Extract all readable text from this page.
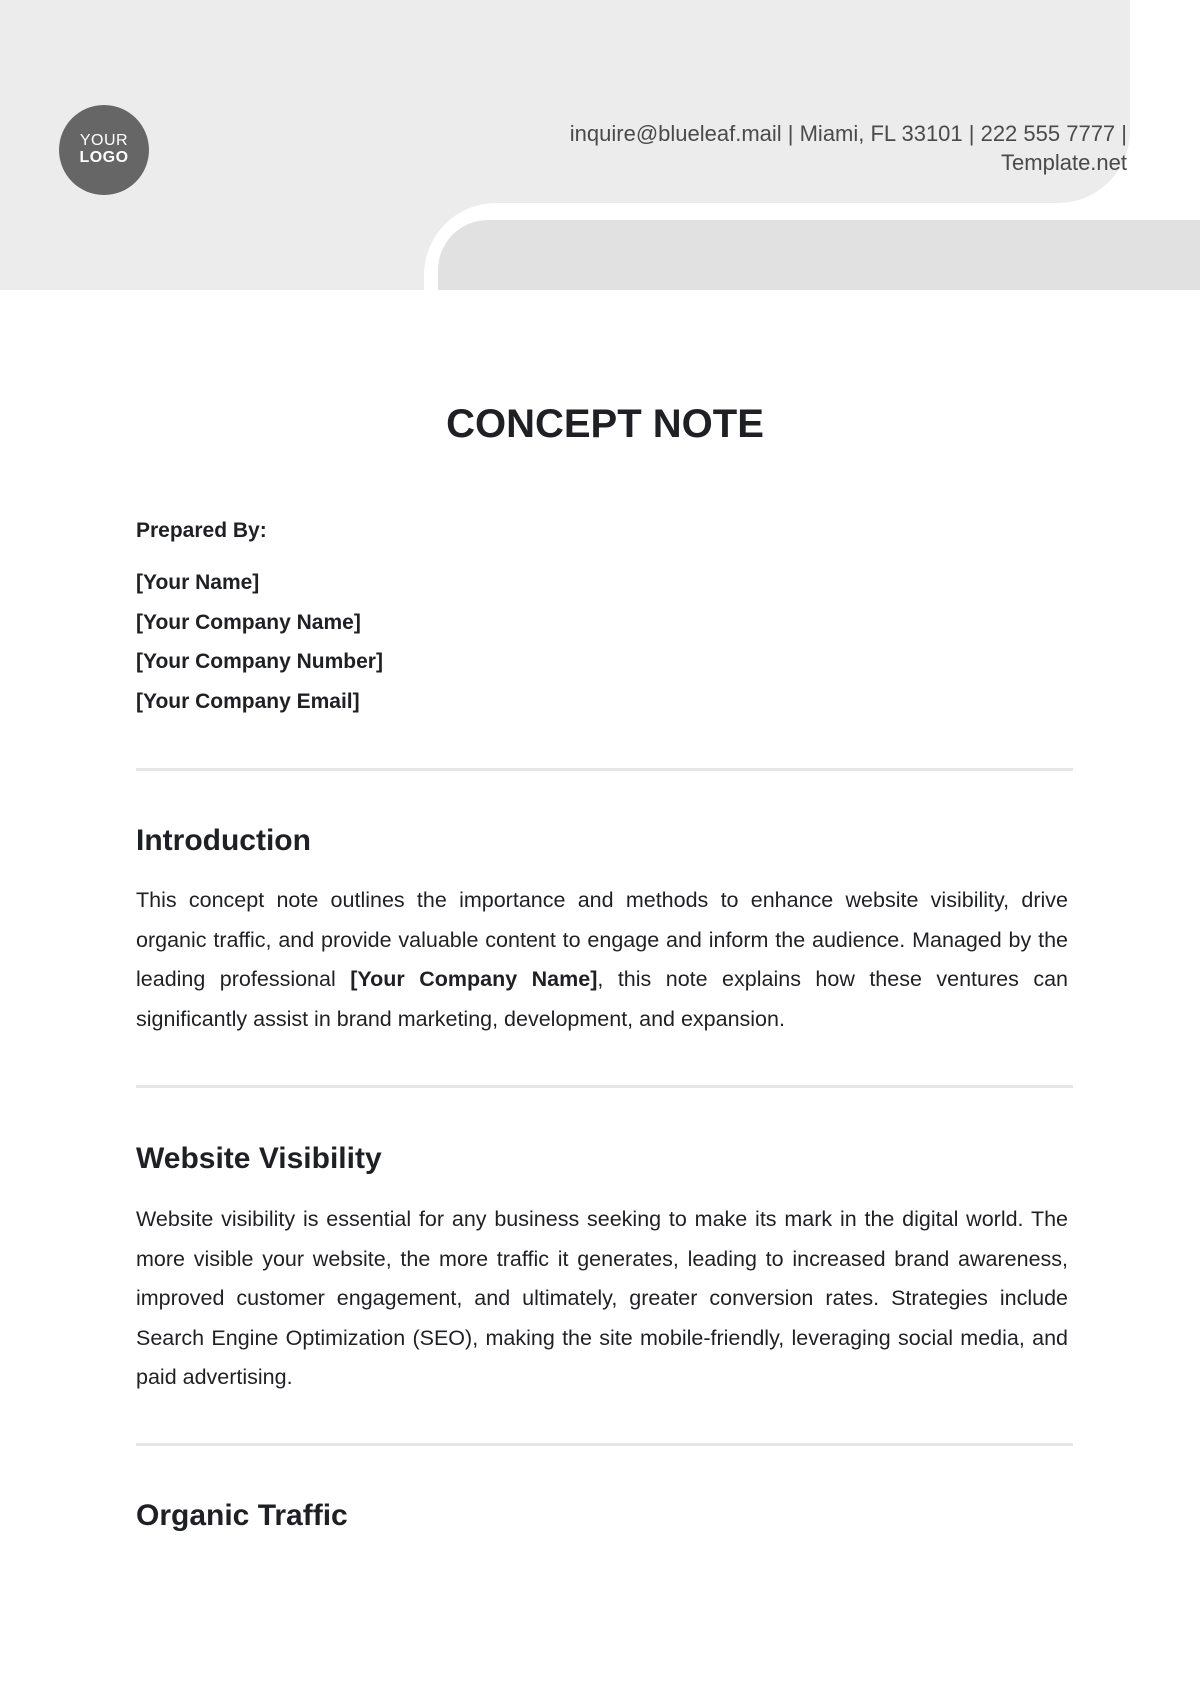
YOUR
LOGO
inquire@blueleaf.mail | Miami, FL 33101 | 222 555 7777 |
Template.net
CONCEPT NOTE

Prepared By:

[Your Name]
[Your Company Name]
[Your Company Number]
[Your Company Email]
Introduction

This concept note outlines the importance and methods to enhance website visibility, drive organic traffic, and provide valuable content to engage and inform the audience. Managed by the leading professional [Your Company Name], this note explains how these ventures can significantly assist in brand marketing, development, and expansion.

Website Visibility

Website visibility is essential for any business seeking to make its mark in the digital world. The more visible your website, the more traffic it generates, leading to increased brand awareness, improved customer engagement, and ultimately, greater conversion rates. Strategies include Search Engine Optimization (SEO), making the site mobile-friendly, leveraging social media, and paid advertising.

Organic Traffic
